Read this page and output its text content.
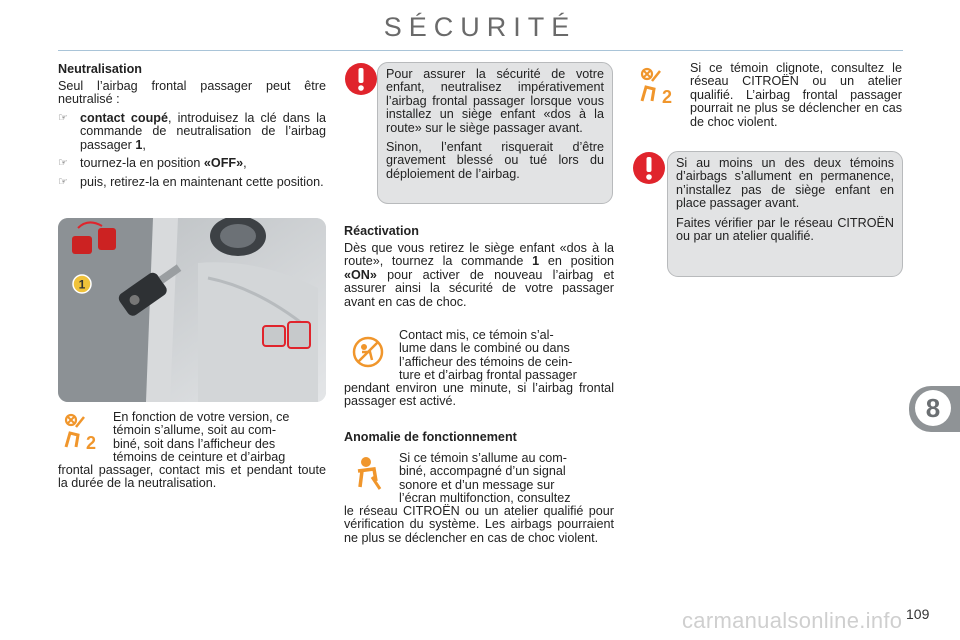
SÉCURITÉ
Neutralisation
Seul l’airbag frontal passager peut être neutralisé :
☞ contact coupé, introduisez la clé dans la commande de neutralisation de l’airbag passager 1,
☞ tournez-la en position «OFF»,
☞ puis, retirez-la en maintenant cette position.
1
2
En fonction de votre version, ce
témoin s’allume, soit au com-
biné, soit dans l’afficheur des
témoins de ceinture et d’airbag
frontal passager, contact mis et pendant toute la durée de la neutralisation.

Pour assurer la sécurité de votre enfant, neutralisez impérativement l’airbag frontal passager lorsque vous installez un siège enfant «dos à la route» sur le siège passager avant.

Sinon, l’enfant risquerait d’être gravement blessé ou tué lors du déploiement de l’airbag.

Réactivation
Dès que vous retirez le siège enfant «dos à la route», tournez la commande 1 en position «ON» pour activer de nouveau l’airbag et assurer ainsi la sécurité de votre passager avant en cas de choc.
Contact mis, ce témoin s’al-
lume dans le combiné ou dans
l’afficheur des témoins de cein-
ture et d’airbag frontal passager
pendant environ une minute, si l’airbag frontal passager est activé.
Anomalie de fonctionnement
Si ce témoin s’allume au com-
biné, accompagné d’un signal
sonore et d’un message sur
l’écran multifonction, consultez
le réseau CITROËN ou un atelier qualifié pour vérification du système. Les airbags pourraient ne plus se déclencher en cas de choc violent.
2
Si ce témoin clignote, consultez le réseau CITROËN ou un atelier qualifié. L’airbag frontal passager pourrait ne plus se déclencher en cas de choc violent.

Si au moins un des deux témoins d’airbags s’allument en permanence, n’installez pas de siège enfant en place passager avant.

Faites vérifier par le réseau CITROËN ou par un atelier qualifié.

8
carmanualsonline.info 109
